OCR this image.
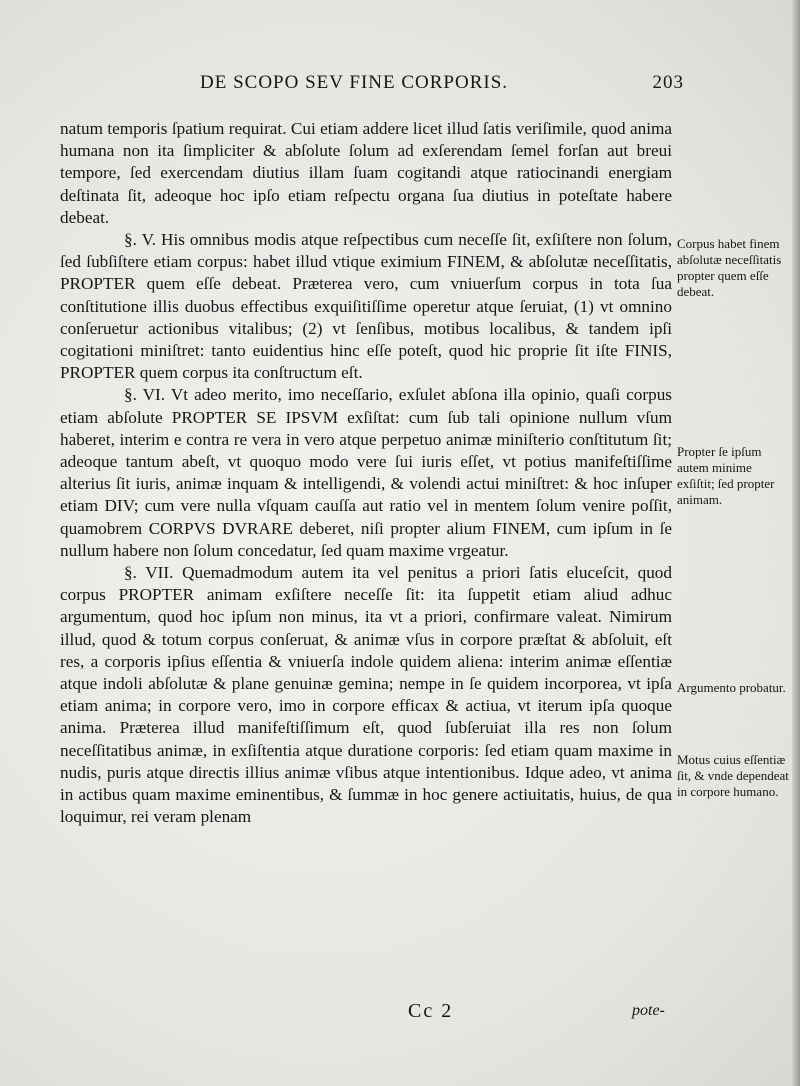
DE SCOPO SEV FINE CORPORIS.	203

natum temporis ſpatium requirat. Cui etiam addere licet illud ſatis veriſimile, quod anima humana non ita ſimpliciter & abſolute ſolum ad exſerendam ſemel forſan aut breui tempore, ſed exercendam diutius illam ſuam cogitandi atque ratiocinandi energiam deſtinata ſit, adeoque hoc ipſo etiam reſpectu organa ſua diutius in poteſtate habere debeat.

§. V. His omnibus modis atque reſpectibus cum neceſſe ſit, exſiſtere non ſolum, ſed ſubſiſtere etiam corpus: habet illud vtique eximium FINEM, & abſolutæ neceſſitatis, PROPTER quem eſſe debeat. Præterea vero, cum vniuerſum corpus in tota ſua conſtitutione illis duobus effectibus exquiſitiſſime operetur atque ſeruiat, (1) vt omnino conſeruetur actionibus vitalibus; (2) vt ſenſibus, motibus localibus, & tandem ipſi cogitationi miniſtret: tanto euidentius hinc eſſe poteſt, quod hic proprie ſit iſte FINIS, PROPTER quem corpus ita conſtructum eſt.

§. VI. Vt adeo merito, imo neceſſario, exſulet abſona illa opinio, quaſi corpus etiam abſolute PROPTER SE IPSVM exſiſtat: cum ſub tali opinione nullum vſum haberet, interim e contra re vera in vero atque perpetuo animæ miniſterio conſtitutum ſit; adeoque tantum abeſt, vt quoquo modo vere ſui iuris eſſet, vt potius manifeſtiſſime alterius ſit iuris, animæ inquam & intelligendi, & volendi actui miniſtret: & hoc inſuper etiam DIV; cum vere nulla vſquam cauſſa aut ratio vel in mentem ſolum venire poſſit, quamobrem CORPVS DVRARE deberet, niſi propter alium FINEM, cum ipſum in ſe nullum habere non ſolum concedatur, ſed quam maxime vrgeatur.

§. VII. Quemadmodum autem ita vel penitus a priori ſatis eluceſcit, quod corpus PROPTER animam exſiſtere neceſſe ſit: ita ſuppetit etiam aliud adhuc argumentum, quod hoc ipſum non minus, ita vt a priori, confirmare valeat. Nimirum illud, quod & totum corpus conſeruat, & animæ vſus in corpore præſtat & abſoluit, eſt res, a corporis ipſius eſſentia & vniuerſa indole quidem aliena: interim animæ eſſentiæ atque indoli abſolutæ & plane genuinæ gemina; nempe in ſe quidem incorporea, vt ipſa etiam anima; in corpore vero, imo in corpore efficax & actiua, vt iterum ipſa quoque anima. Præterea illud manifeſtiſſimum eſt, quod ſubſeruiat illa res non ſolum neceſſitatibus animæ, in exſiſtentia atque duratione corporis: ſed etiam quam maxime in nudis, puris atque directis illius animæ vſibus atque intentionibus. Idque adeo, vt anima in actibus quam maxime eminentibus, & ſummæ in hoc genere actiuitatis, huius, de qua loquimur, rei veram plenam

Corpus habet finem abſolutæ neceſſitatis propter quem eſſe debeat.
Propter ſe ipſum autem minime exſiſtit; ſed propter animam.
Argumento probatur.
Motus cuius eſſentiæ ſit, & vnde dependeat in corpore humano.
Cc 2	pote-
